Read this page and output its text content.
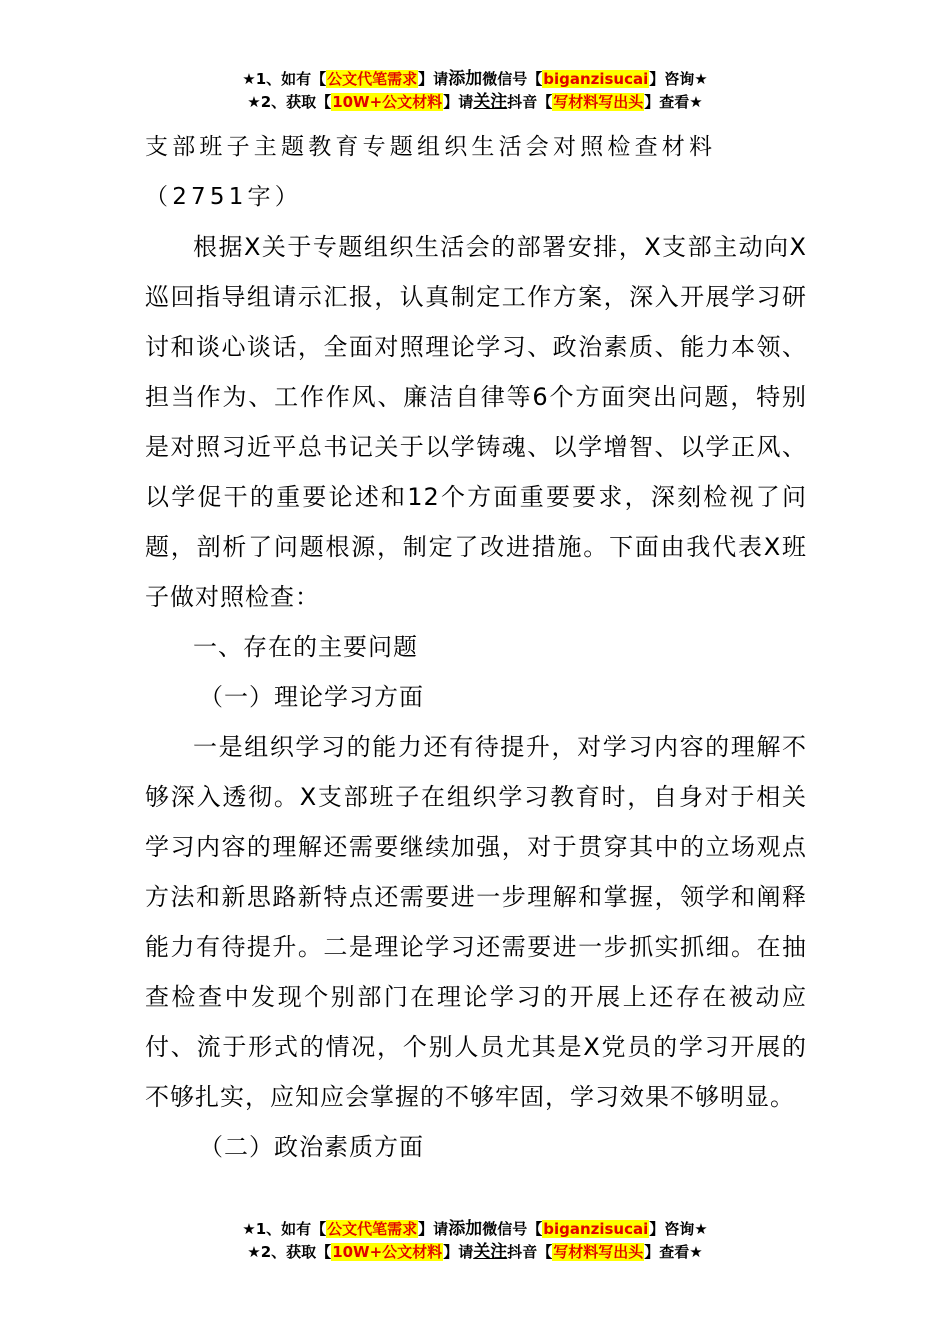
★1、如有【公文代笔需求】请添加微信号【biganzisucai】咨询★
★2、获取【10W+公文材料】请关注抖音【写材料写出头】查看★

支部班子主题教育专题组织生活会对照检查材料（2751字）

根据X关于专题组织生活会的部署安排，X支部主动向X巡回指导组请示汇报，认真制定工作方案，深入开展学习研讨和谈心谈话，全面对照理论学习、政治素质、能力本领、担当作为、工作作风、廉洁自律等6个方面突出问题，特别是对照习近平总书记关于以学铸魂、以学增智、以学正风、以学促干的重要论述和12个方面重要要求，深刻检视了问题，剖析了问题根源，制定了改进措施。下面由我代表X班子做对照检查：

一、存在的主要问题

（一）理论学习方面

一是组织学习的能力还有待提升，对学习内容的理解不够深入透彻。X支部班子在组织学习教育时，自身对于相关学习内容的理解还需要继续加强，对于贯穿其中的立场观点方法和新思路新特点还需要进一步理解和掌握，领学和阐释能力有待提升。二是理论学习还需要进一步抓实抓细。在抽查检查中发现个别部门在理论学习的开展上还存在被动应付、流于形式的情况，个别人员尤其是X党员的学习开展的不够扎实，应知应会掌握的不够牢固，学习效果不够明显。

（二）政治素质方面

★1、如有【公文代笔需求】请添加微信号【biganzisucai】咨询★
★2、获取【10W+公文材料】请关注抖音【写材料写出头】查看★
